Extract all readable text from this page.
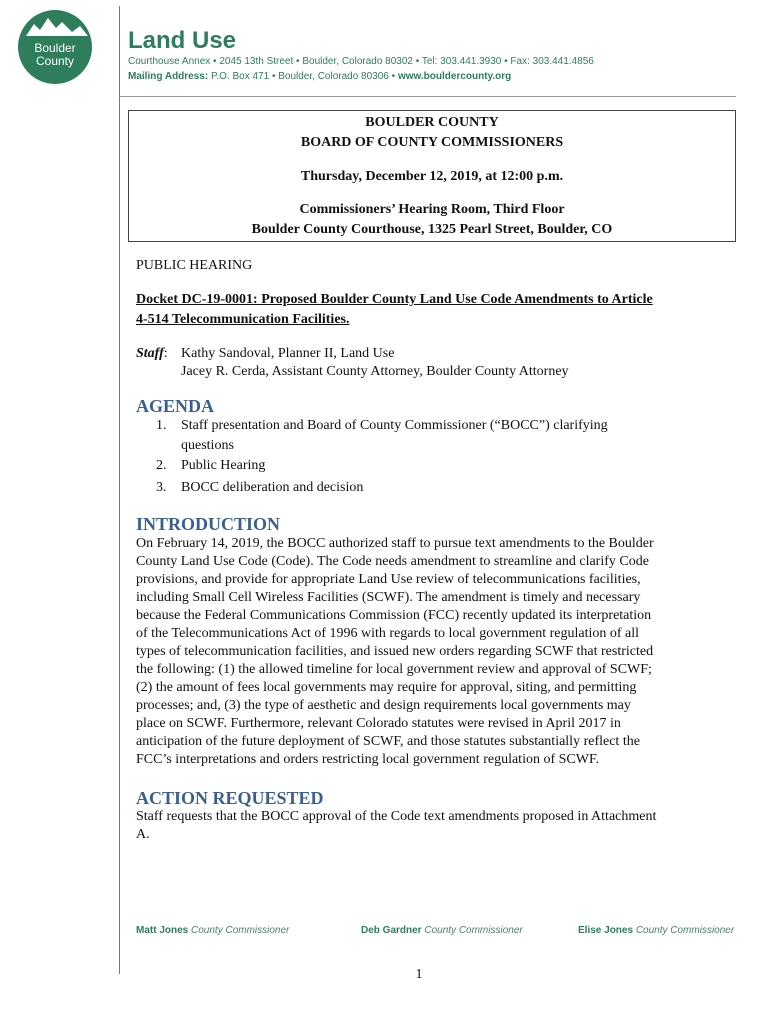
Boulder
County
Land Use
Courthouse Annex • 2045 13th Street • Boulder, Colorado 80302 • Tel: 303.441.3930 • Fax: 303.441.4856
Mailing Address: P.O. Box 471 • Boulder, Colorado 80306 • www.bouldercounty.org
BOULDER COUNTY
BOARD OF COUNTY COMMISSIONERS
Thursday, December 12, 2019, at 12:00 p.m.
Commissioners’ Hearing Room, Third Floor
Boulder County Courthouse, 1325 Pearl Street, Boulder, CO
PUBLIC HEARING
Docket DC-19-0001: Proposed Boulder County Land Use Code Amendments to Article
4-514 Telecommunication Facilities.
Staff: Kathy Sandoval, Planner II, Land Use
Jacey R. Cerda, Assistant County Attorney, Boulder County Attorney
AGENDA
1. Staff presentation and Board of County Commissioner (“BOCC”) clarifying
questions
2. Public Hearing
3. BOCC deliberation and decision
INTRODUCTION
On February 14, 2019, the BOCC authorized staff to pursue text amendments to the Boulder
County Land Use Code (Code). The Code needs amendment to streamline and clarify Code
provisions, and provide for appropriate Land Use review of telecommunications facilities,
including Small Cell Wireless Facilities (SCWF). The amendment is timely and necessary
because the Federal Communications Commission (FCC) recently updated its interpretation
of the Telecommunications Act of 1996 with regards to local government regulation of all
types of telecommunication facilities, and issued new orders regarding SCWF that restricted
the following: (1) the allowed timeline for local government review and approval of SCWF;
(2) the amount of fees local governments may require for approval, siting, and permitting
processes; and, (3) the type of aesthetic and design requirements local governments may
place on SCWF. Furthermore, relevant Colorado statutes were revised in April 2017 in
anticipation of the future deployment of SCWF, and those statutes substantially reflect the
FCC’s interpretations and orders restricting local government regulation of SCWF.
ACTION REQUESTED
Staff requests that the BOCC approval of the Code text amendments proposed in Attachment
A.
Matt Jones County Commissioner	Deb Gardner County Commissioner	Elise Jones County Commissioner
1
